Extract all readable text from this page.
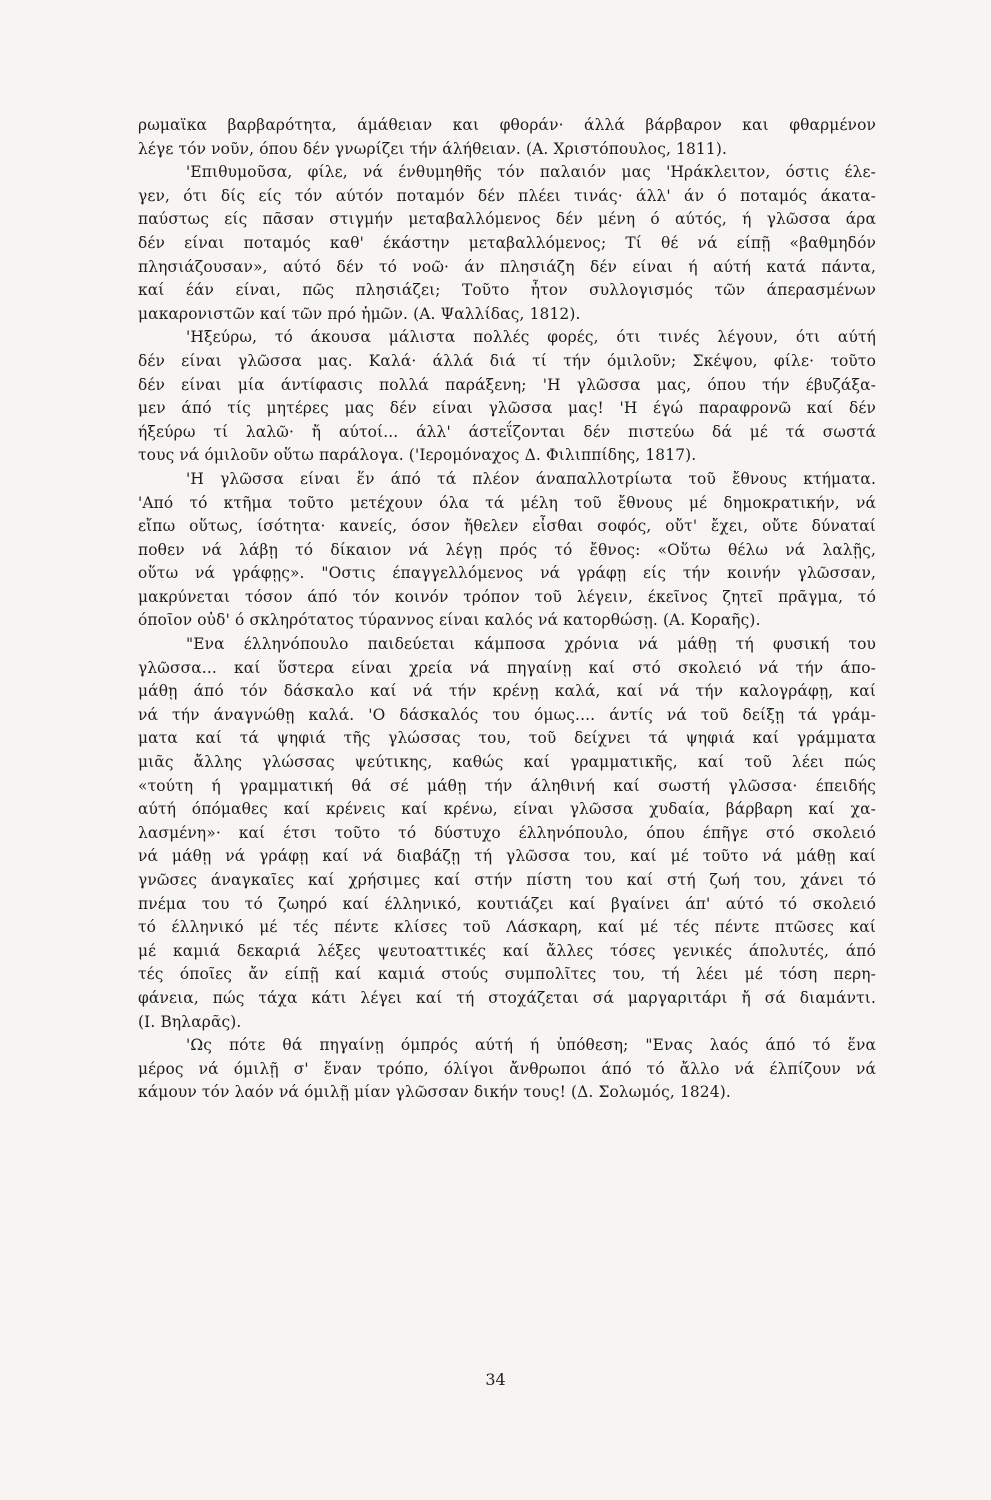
ρωμαϊκα βαρβαρότητα, άμάθειαν και φθοράν· άλλά βάρβαρον και φθαρμένον
λέγε τόν νοῦν, όπου δέν γνωρίζει τήν άλήθειαν. (Α. Χριστόπουλος, 1811).
'Επιθυμοῦσα, φίλε, νά ένθυμηθῆς τόν παλαιόν μας 'Ηράκλειτον, όστις έλε-
γεν, ότι δίς είς τόν αύτόν ποταμόν δέν πλέει τινάς· άλλ' άν ό ποταμός άκατα-
παύστως είς πᾶσαν στιγμήν μεταβαλλόμενος δέν μένη ό αύτός, ή γλῶσσα άρα
δέν είναι ποταμός καθ' έκάστην μεταβαλλόμενος; Τί θέ νά είπῇ «βαθμηδόν
πλησιάζουσαν», αύτό δέν τό νοῶ· άν πλησιάζη δέν είναι ή αύτή κατά πάντα,
καί έάν είναι, πῶς πλησιάζει; Τοῦτο ἦτον συλλογισμός τῶν άπερασμένων
μακαρονιστῶν καί τῶν πρό ἡμῶν. (Α. Ψαλλίδας, 1812).
'Ηξεύρω, τό άκουσα μάλιστα πολλές φορές, ότι τινές λέγουν, ότι αύτή
δέν είναι γλῶσσα μας. Καλά· άλλά διά τί τήν όμιλοῦν; Σκέψου, φίλε· τοῦτο
δέν είναι μία άντίφασις πολλά παράξενη; 'Η γλῶσσα μας, όπου τήν έβυζάξα-
μεν άπό τίς μητέρες μας δέν είναι γλῶσσα μας! 'Η έγώ παραφρονῶ καί δέν
ήξεύρω τί λαλῶ· ἤ αύτοί... άλλ' άστεΐζονται δέν πιστεύω δά μέ τά σωστά
τους νά όμιλοῦν οὕτω παράλογα. ('Ιερομόναχος Δ. Φιλιππίδης, 1817).
'Η γλῶσσα είναι ἕν άπό τά πλέον άναπαλλοτρίωτα τοῦ ἔθνους κτήματα.
'Από τό κτῆμα τοῦτο μετέχουν όλα τά μέλη τοῦ ἔθνους μέ δημοκρατικήν, νά
εἴπω οὕτως, ίσότητα· κανείς, όσον ἤθελεν εἶσθαι σοφός, οὔτ' ἔχει, οὔτε δύναταί
ποθεν νά λάβῃ τό δίκαιον νά λέγῃ πρός τό ἔθνος: «Οὕτω θέλω νά λαλῇς,
οὕτω νά γράφῃς». "Οστις έπαγγελλόμενος νά γράφῃ είς τήν κοινήν γλῶσσαν,
μακρύνεται τόσον άπό τόν κοινόν τρόπον τοῦ λέγειν, έκεῖνος ζητεῖ πρᾶγμα, τό
όποῖον οὐδ' ό σκληρότατος τύραννος είναι καλός νά κατορθώσῃ. (Α. Κοραῆς).
"Ενα έλληνόπουλο παιδεύεται κάμποσα χρόνια νά μάθῃ τή φυσική του
γλῶσσα... καί ὕστερα είναι χρεία νά πηγαίνῃ καί στό σκολειό νά τήν άπο-
μάθῃ άπό τόν δάσκαλο καί νά τήν κρένῃ καλά, καί νά τήν καλογράφῃ, καί
νά τήν άναγνώθῃ καλά. 'Ο δάσκαλός του όμως.... άντίς νά τοῦ δείξῃ τά γράμ-
ματα καί τά ψηφιά τῆς γλώσσας του, τοῦ δείχνει τά ψηφιά καί γράμματα
μιᾶς ἄλλης γλώσσας ψεύτικης, καθώς καί γραμματικῆς, καί τοῦ λέει πώς
«τούτη ή γραμματική θά σέ μάθῃ τήν άληθινή καί σωστή γλῶσσα· έπειδής
αύτή όπόμαθες καί κρένεις καί κρένω, είναι γλῶσσα χυδαία, βάρβαρη καί χα-
λασμένη»· καί έτσι τοῦτο τό δύστυχο έλληνόπουλο, όπου έπῆγε στό σκολειό
νά μάθῃ νά γράφῃ καί νά διαβάζῃ τή γλῶσσα του, καί μέ τοῦτο νά μάθῃ καί
γνῶσες άναγκαῖες καί χρήσιμες καί στήν πίστη του καί στή ζωή του, χάνει τό
πνέμα του τό ζωηρό καί έλληνικό, κουτιάζει καί βγαίνει άπ' αύτό τό σκολειό
τό έλληνικό μέ τές πέντε κλίσες τοῦ Λάσκαρη, καί μέ τές πέντε πτῶσες καί
μέ καμιά δεκαριά λέξες ψευτοαττικές καί ἄλλες τόσες γενικές άπολυτές, άπό
τές όποῖες ἄν είπῇ καί καμιά στούς συμπολῖτες του, τή λέει μέ τόση περη-
φάνεια, πώς τάχα κάτι λέγει καί τή στοχάζεται σά μαργαριτάρι ἤ σά διαμάντι.
(Ι. Βηλαρᾶς).
'Ως πότε θά πηγαίνῃ όμπρός αύτή ή ὑπόθεση; "Ενας λαός άπό τό ἕνα
μέρος νά όμιλῇ σ' ἕναν τρόπο, όλίγοι ἄνθρωποι άπό τό ἄλλο νά έλπίζουν νά
κάμουν τόν λαόν νά όμιλῇ μίαν γλῶσσαν δικήν τους! (Δ. Σολωμός, 1824).
34
